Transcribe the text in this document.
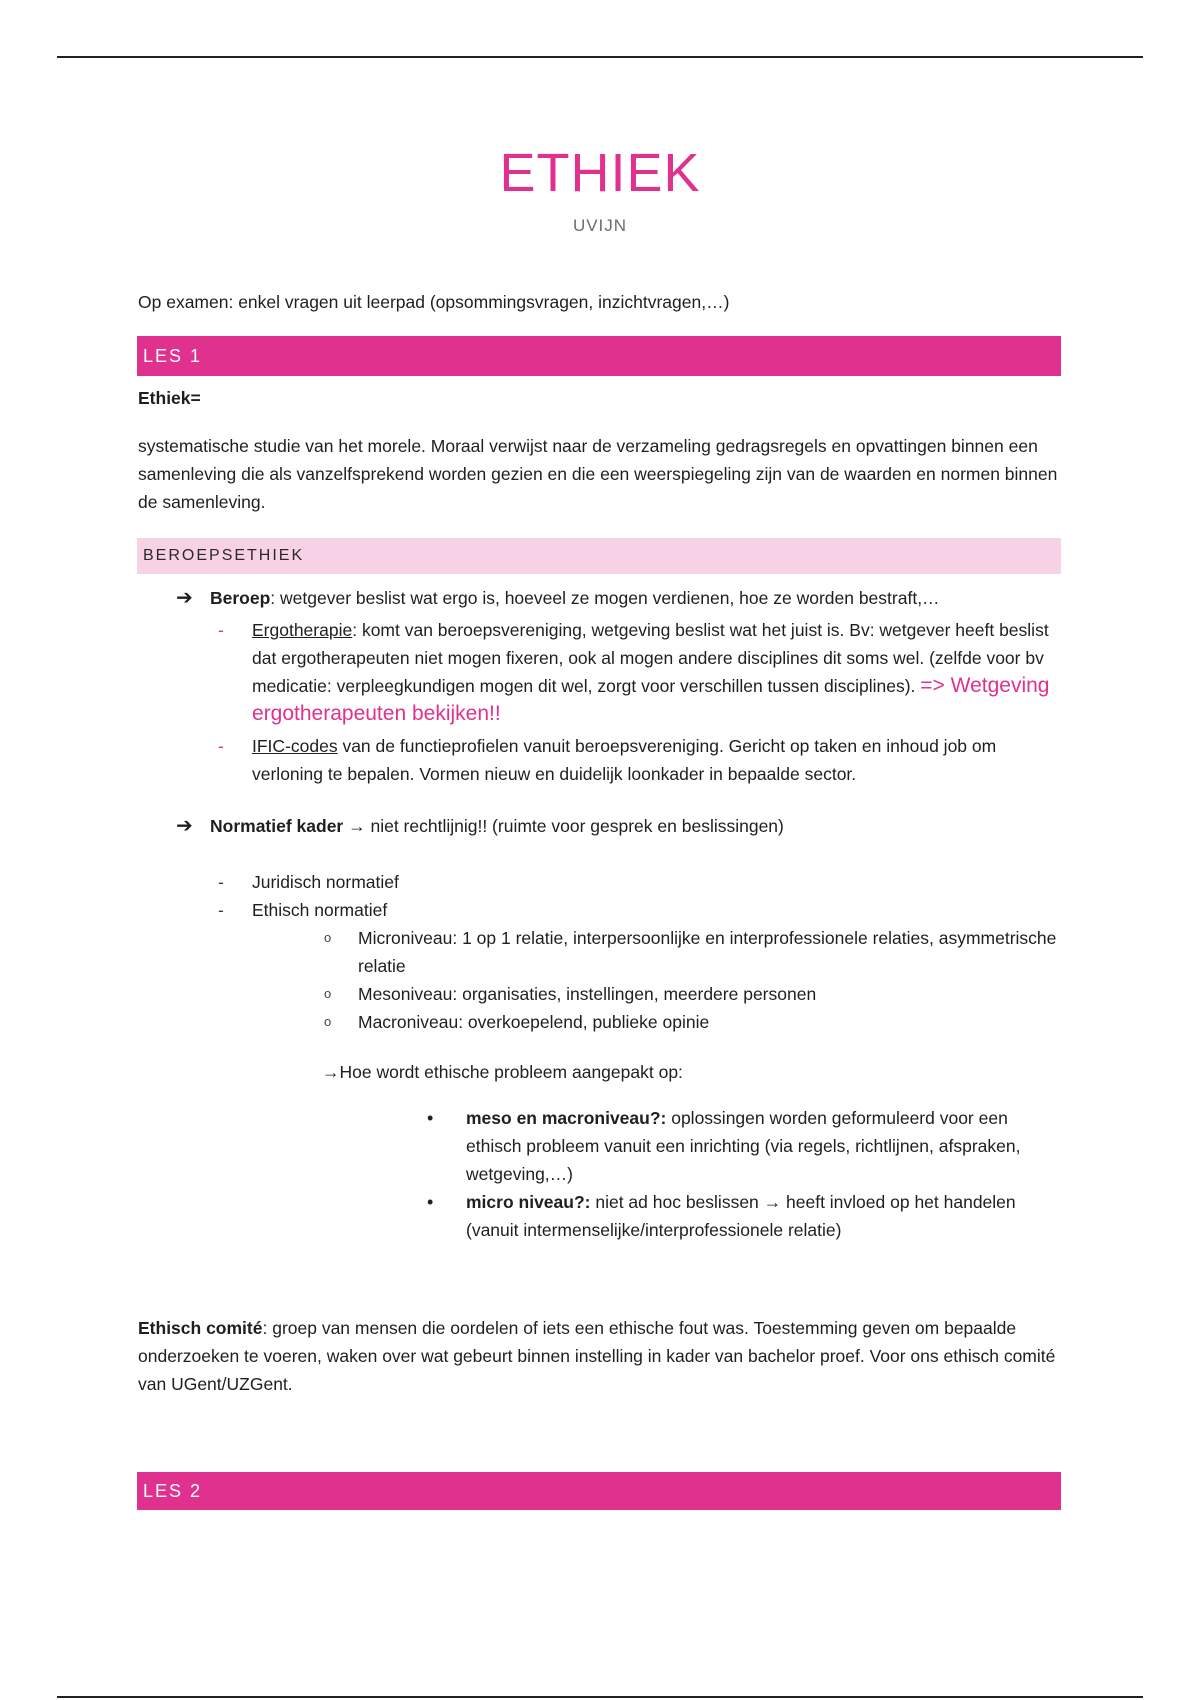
ETHIEK
UVIJN

Op examen: enkel vragen uit leerpad (opsommingsvragen, inzichtvragen,…)

LES 1

Ethiek=

systematische studie van het morele. Moraal verwijst naar de verzameling gedragsregels en opvattingen binnen een samenleving die als vanzelfsprekend worden gezien en die een weerspiegeling zijn van de waarden en normen binnen de samenleving.

BEROEPSETHIEK
➔ Beroep: wetgever beslist wat ergo is, hoeveel ze mogen verdienen, hoe ze worden bestraft,…
- Ergotherapie: komt van beroepsvereniging, wetgeving beslist wat het juist is. Bv: wetgever heeft beslist dat ergotherapeuten niet mogen fixeren, ook al mogen andere disciplines dit soms wel. (zelfde voor bv medicatie: verpleegkundigen mogen dit wel, zorgt voor verschillen tussen disciplines). => Wetgeving ergotherapeuten bekijken!!
- IFIC-codes van de functieprofielen vanuit beroepsvereniging. Gericht op taken en inhoud job om verloning te bepalen. Vormen nieuw en duidelijk loonkader in bepaalde sector.
➔ Normatief kader → niet rechtlijnig!! (ruimte voor gesprek en beslissingen)
- Juridisch normatief
- Ethisch normatief
o Microniveau: 1 op 1 relatie, interpersoonlijke en interprofessionele relaties, asymmetrische relatie
o Mesoniveau: organisaties, instellingen, meerdere personen
o Macroniveau: overkoepelend, publieke opinie

→Hoe wordt ethische probleem aangepakt op:

• meso en macroniveau?: oplossingen worden geformuleerd voor een ethisch probleem vanuit een inrichting (via regels, richtlijnen, afspraken, wetgeving,…)
• micro niveau?: niet ad hoc beslissen → heeft invloed op het handelen (vanuit intermenselijke/interprofessionele relatie)

Ethisch comité: groep van mensen die oordelen of iets een ethische fout was. Toestemming geven om bepaalde onderzoeken te voeren, waken over wat gebeurt binnen instelling in kader van bachelor proef. Voor ons ethisch comité van UGent/UZGent.

LES 2
